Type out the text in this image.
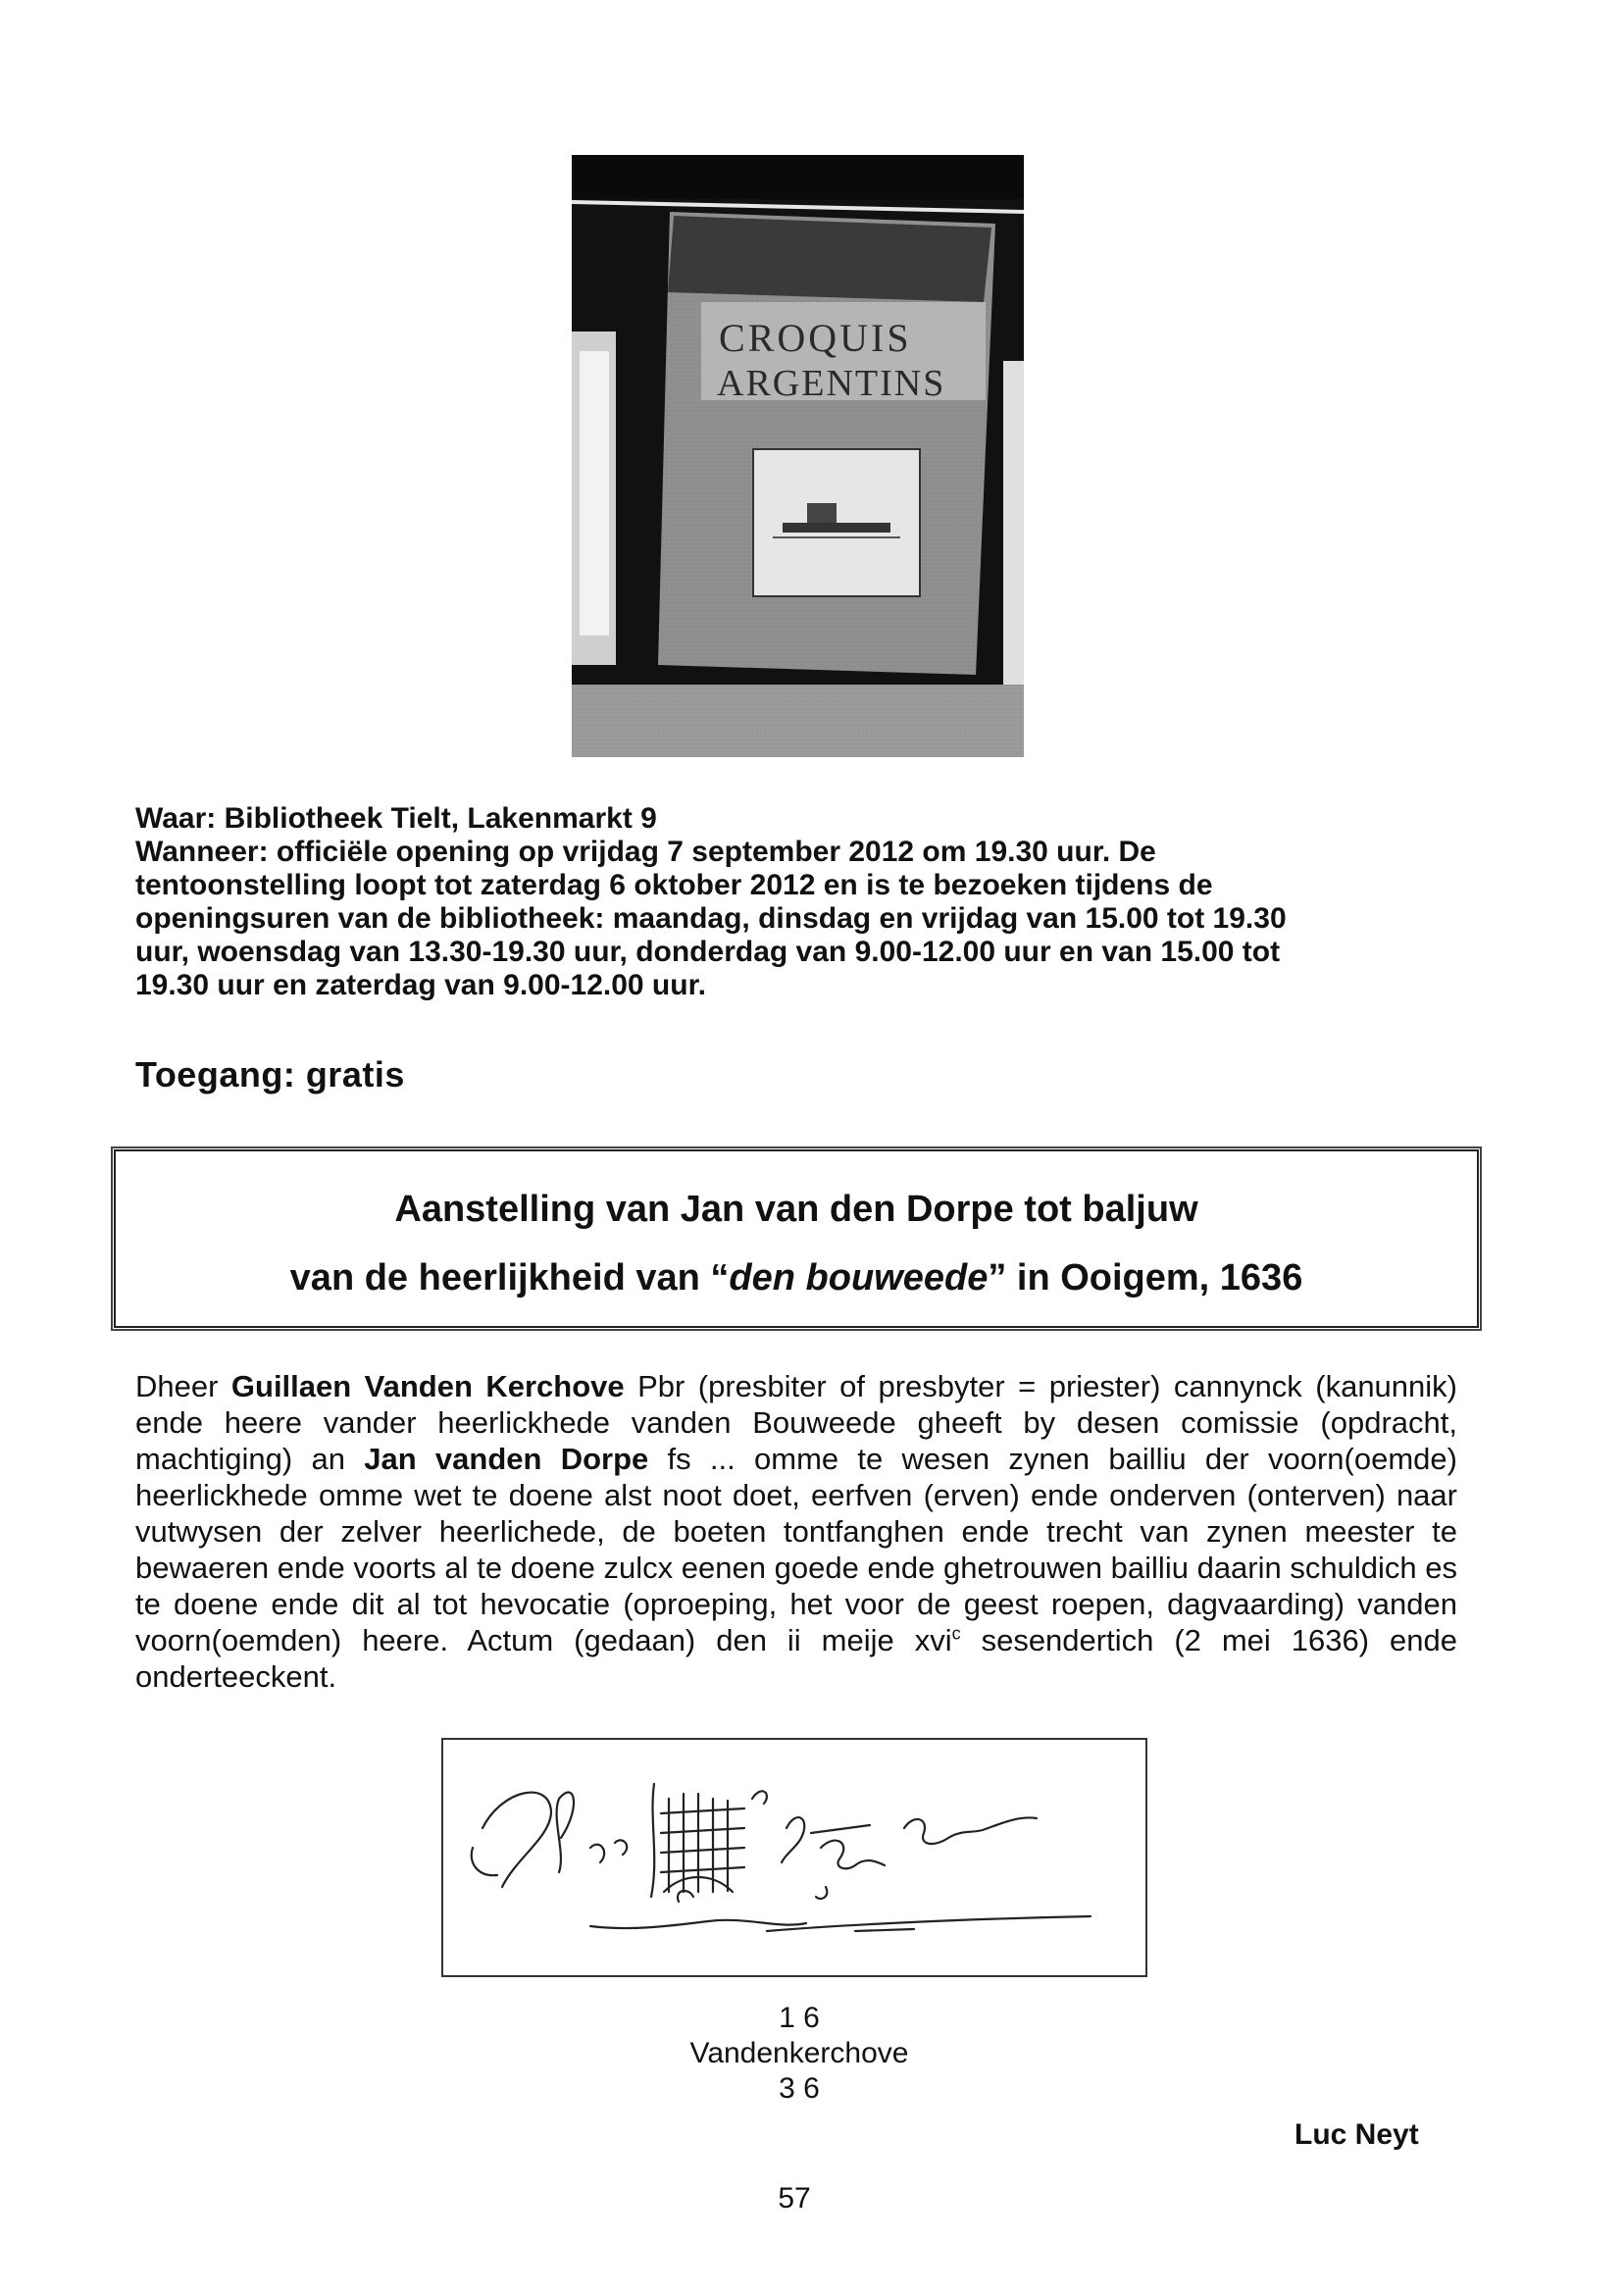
CROQUIS
ARGENTINS
Waar: Bibliotheek Tielt, Lakenmarkt 9
Wanneer: officiële opening op vrijdag 7 september 2012 om 19.30 uur. De
tentoonstelling loopt tot zaterdag 6 oktober 2012 en is te bezoeken tijdens de
openingsuren van de bibliotheek: maandag, dinsdag en vrijdag van 15.00 tot 19.30
uur, woensdag van 13.30-19.30 uur, donderdag van 9.00-12.00 uur en van 15.00 tot
19.30 uur en zaterdag van 9.00-12.00 uur.
Toegang: gratis
Aanstelling van Jan van den Dorpe tot baljuw
van de heerlijkheid van “den bouweede” in Ooigem, 1636
Dheer Guillaen Vanden Kerchove Pbr (presbiter of presbyter = priester) cannynck (kanunnik) ende heere vander heerlickhede vanden Bouweede gheeft by desen comissie (opdracht, machtiging) an Jan vanden Dorpe fs ... omme te wesen zynen bailliu der voorn(oemde) heerlickhede omme wet te doene alst noot doet, eerfven (erven) ende onderven (onterven) naar vutwysen der zelver heerlichede, de boeten tontfanghen ende trecht van zynen meester te bewaeren ende voorts al te doene zulcx eenen goede ende ghetrouwen bailliu daarin schuldich es te doene ende dit al tot hevocatie (oproeping, het voor de geest roepen, dagvaarding) vanden voorn(oemden) heere. Actum (gedaan) den ii meije xvi$^c$ sesendertich (2 mei 1636) ende onderteeckent.
1 6
Vandenkerchove
3 6
Luc Neyt
57
